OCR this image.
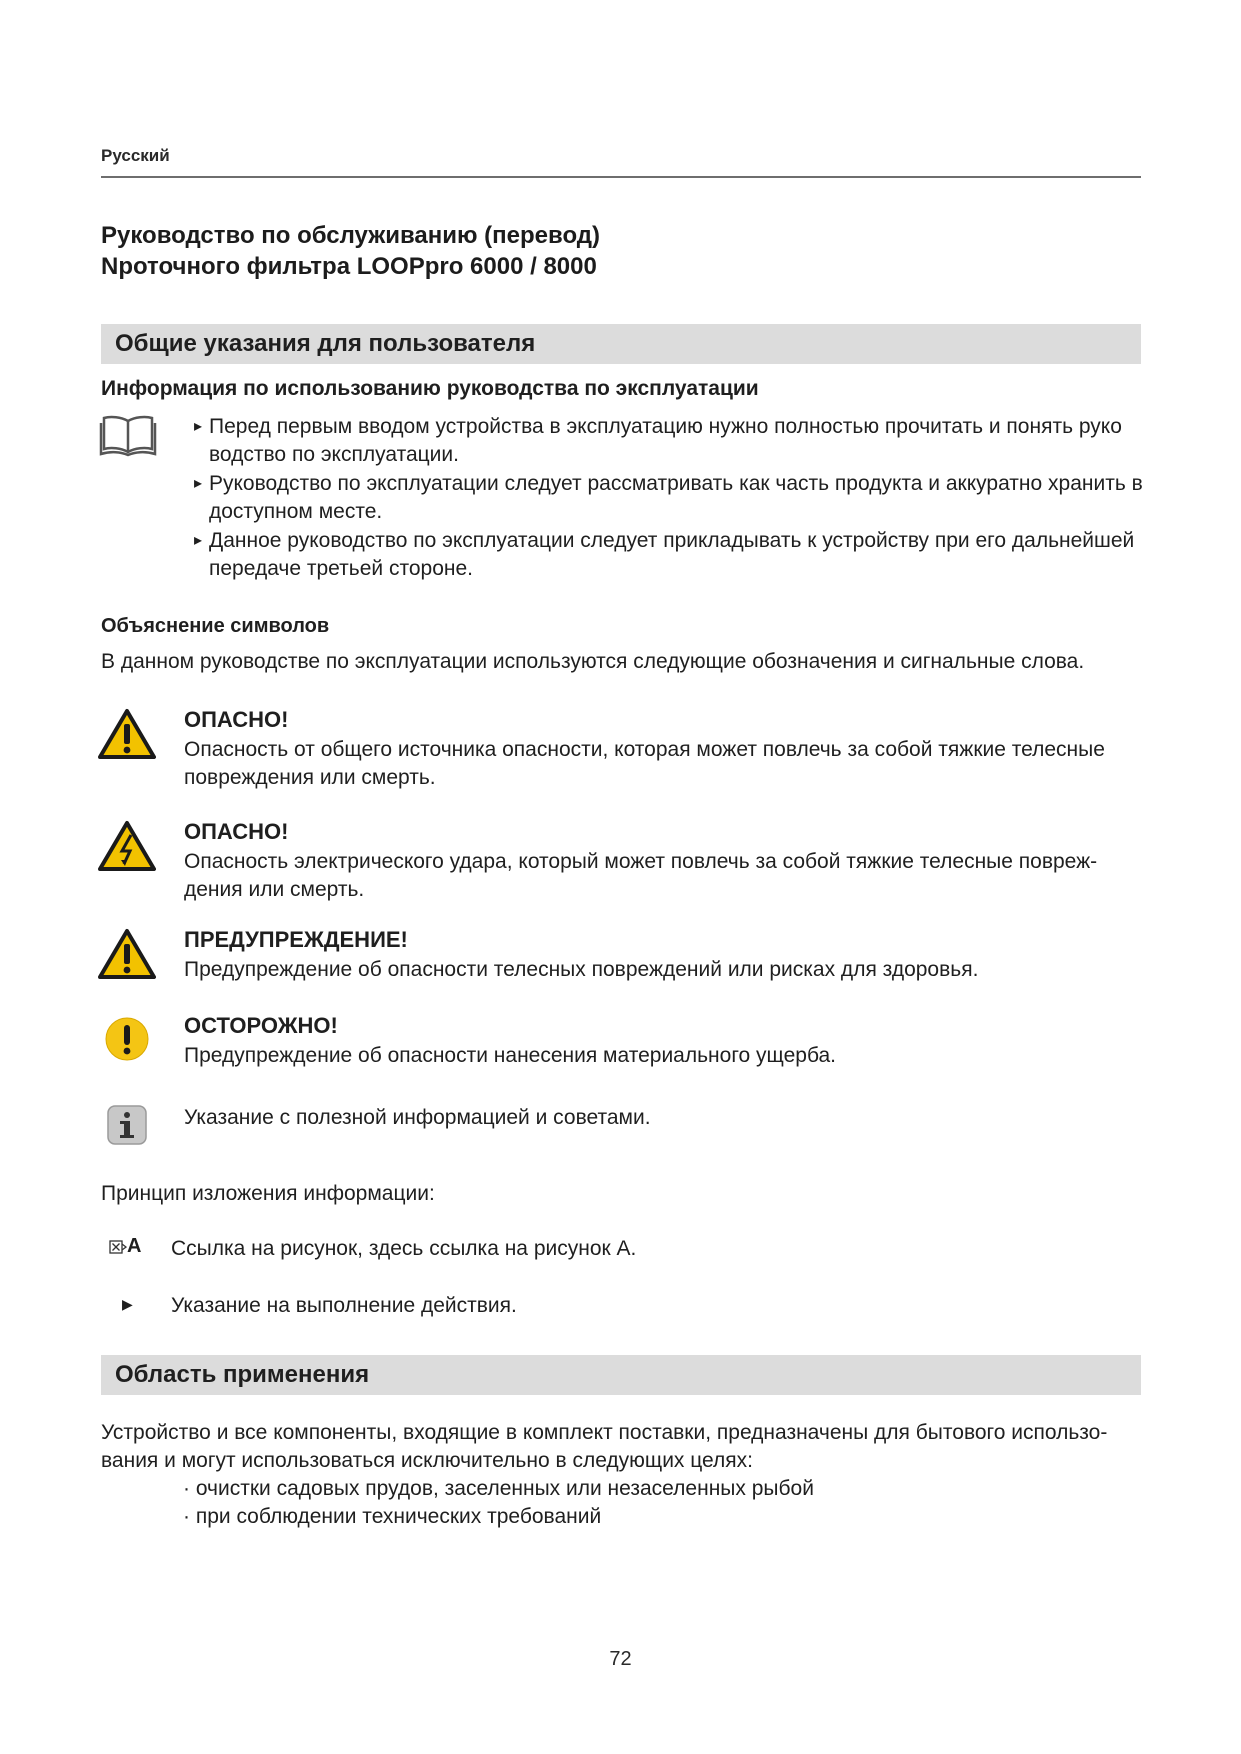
Русский
Руководство по обслуживанию (перевод)
Nроточного фильтра LOOPpro 6000 / 8000
Общие указания для пользователя
Информация по использованию руководства по эксплуатации
▸ Перед первым вводом устройства в эксплуатацию нужно полностью прочитать и понять руко водство по эксплуатации.
▸ Руководство по эксплуатации следует рассматривать как часть продукта и аккуратно хранить в доступном месте.
▸ Данное руководство по эксплуатации следует прикладывать к устройству при его дальнейшей передаче третьей стороне.
Объяснение символов
В данном руководстве по эксплуатации используются следующие обозначения и сигнальные слова.
ОПАСНО!
Опасность от общего источника опасности, которая может повлечь за собой тяжкие телесные повреждения или смерть.
ОПАСНО!
Опасность электрического удара, который может повлечь за собой тяжкие телесные повреж-дения или смерть.
ПРЕДУПРЕЖДЕНИЕ!
Предупреждение об опасности телесных повреждений или рисках для здоровья.
ОСТОРОЖНО!
Предупреждение об опасности нанесения материального ущерба.
Указание с полезной информацией и советами.
Принцип изложения информации:
A Ссылка на рисунок, здесь ссылка на рисунок А.
▶ Указание на выполнение действия.
Область применения
Устройство и все компоненты, входящие в комплект поставки, предназначены для бытового использо-вания и могут использоваться исключительно в следующих целях:
· очистки садовых прудов, заселенных или незаселенных рыбой
· при соблюдении технических требований
72
